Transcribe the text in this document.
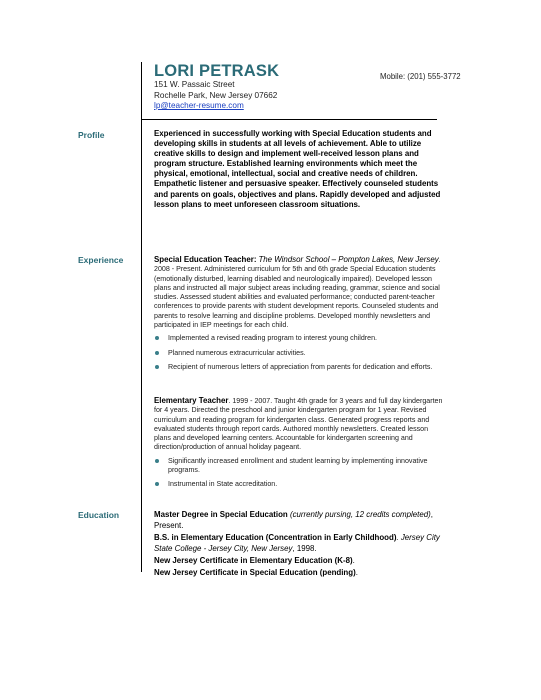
LORI PETRASK
151 W. Passaic Street
Rochelle Park, New Jersey 07662
lp@teacher-resume.com
Mobile: (201) 555-3772
Profile	Experienced in successfully working with Special Education students and developing skills in students at all levels of achievement. Able to utilize creative skills to design and implement well-received lesson plans and program structure. Established learning environments which meet the physical, emotional, intellectual, social and creative needs of children. Empathetic listener and persuasive speaker. Effectively counseled students and parents on goals, objectives and plans. Rapidly developed and adjusted lesson plans to meet unforeseen classroom situations.
Experience	Special Education Teacher: The Windsor School – Pompton Lakes, New Jersey. 2008 - Present. Administered curriculum for 5th and 6th grade Special Education students (emotionally disturbed, learning disabled and neurologically impaired). Developed lesson plans and instructed all major subject areas including reading, grammar, science and social studies. Assessed student abilities and evaluated performance; conducted parent-teacher conferences to provide parents with student development reports. Counseled students and parents to resolve learning and discipline problems. Developed monthly newsletters and participated in IEP meetings for each child.
Implemented a revised reading program to interest young children.
Planned numerous extracurricular activities.
Recipient of numerous letters of appreciation from parents for dedication and efforts.
Elementary Teacher. 1999 - 2007. Taught 4th grade for 3 years and full day kindergarten for 4 years. Directed the preschool and junior kindergarten program for 1 year. Revised curriculum and reading program for kindergarten class. Generated progress reports and evaluated students through report cards. Authored monthly newsletters. Created lesson plans and developed learning centers. Accountable for kindergarten screening and direction/production of annual holiday pageant.
Significantly increased enrollment and student learning by implementing innovative programs.
Instrumental in State accreditation.
Education	Master Degree in Special Education (currently pursing, 12 credits completed), Present.
B.S. in Elementary Education (Concentration in Early Childhood). Jersey City State College - Jersey City, New Jersey, 1998.
New Jersey Certificate in Elementary Education (K-8).
New Jersey Certificate in Special Education (pending).
